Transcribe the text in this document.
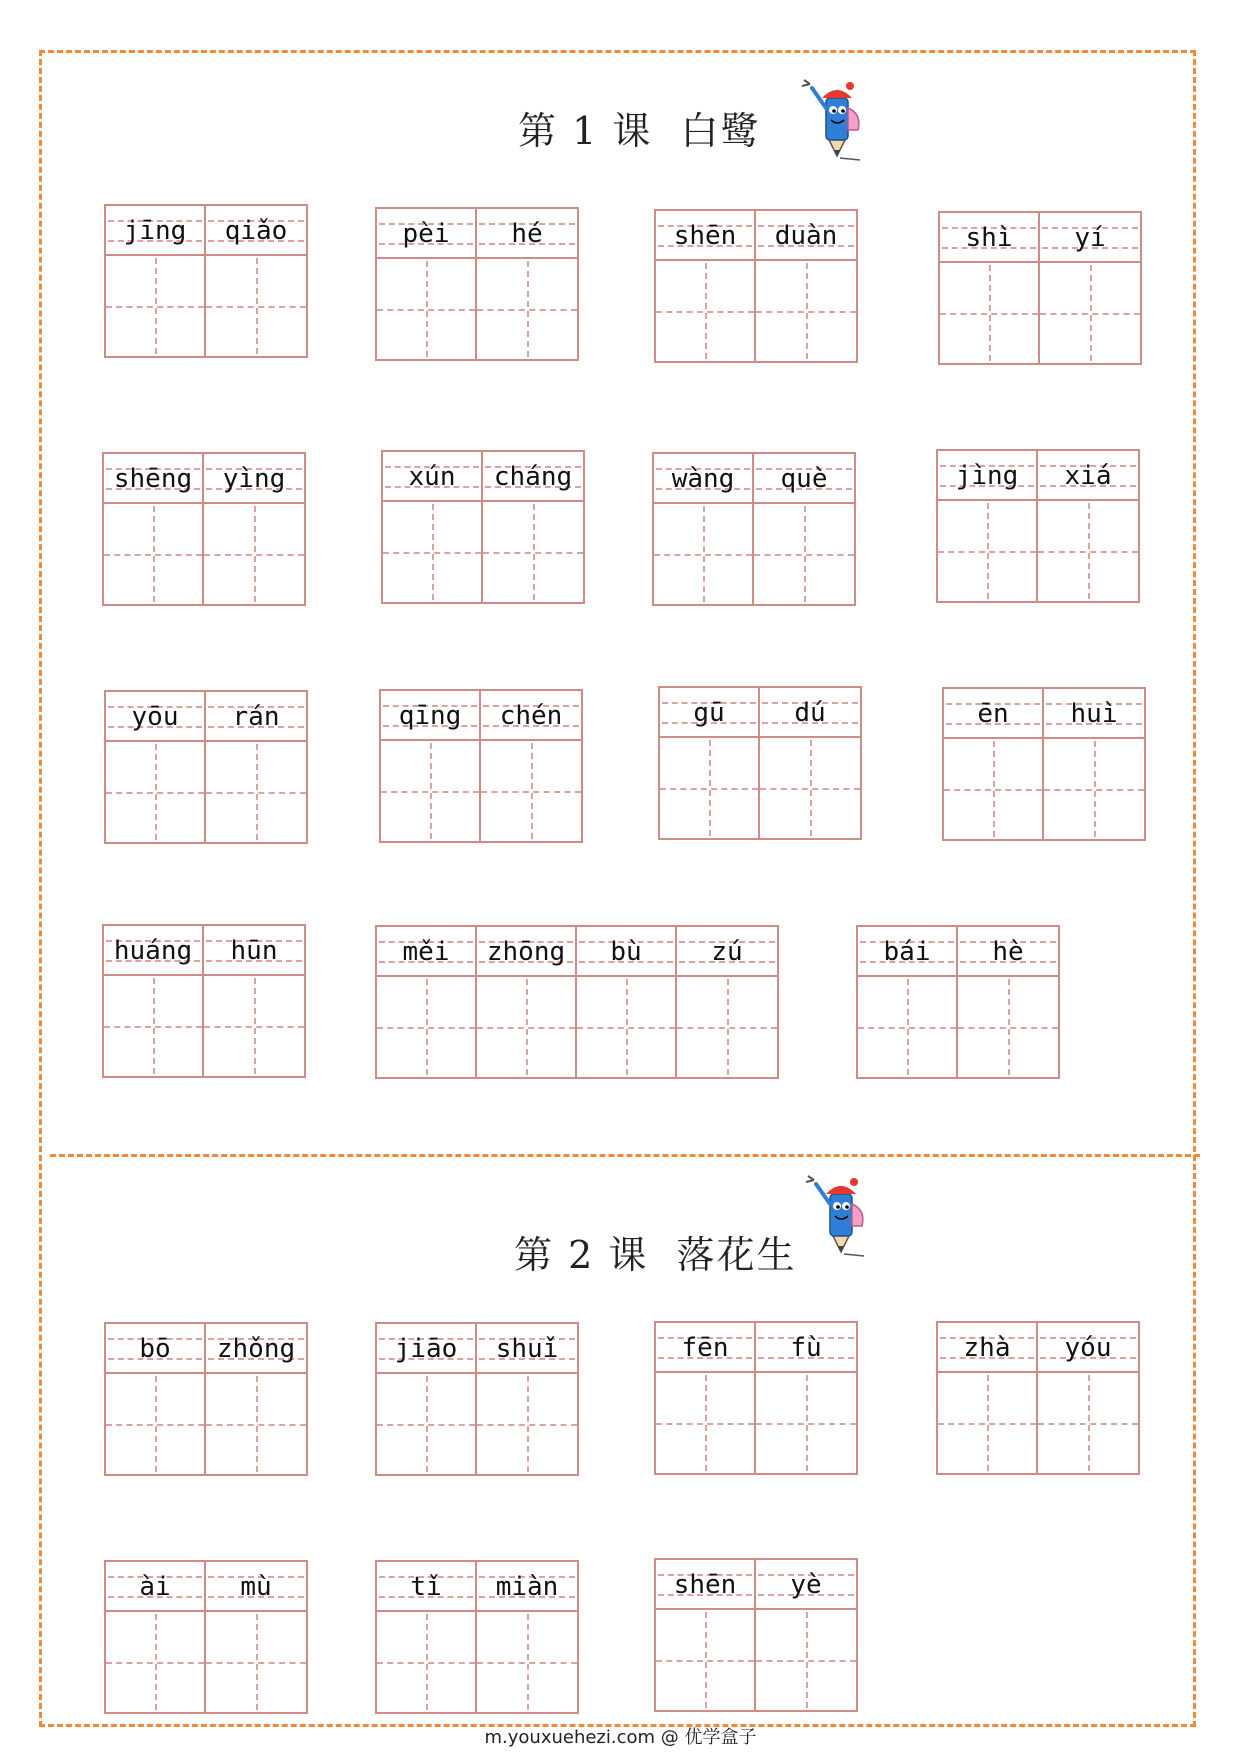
第 1 课  白鹭
第 2 课  落花生
jīng	qiǎo	pèi	hé	shēn	duàn	shì	yí
shēng	yìng	xún	cháng	wàng	què	jìng	xiá
yōu	rán	qīng	chén	gū	dú	ēn	huì
huáng	hūn	měi	zhōng	bù	zú	bái	hè
bō	zhǒng	jiāo	shuǐ	fēn	fù	zhà	yóu
ài	mù	tǐ	miàn	shēn	yè
m.youxuehezi.com @ 优学盒子
